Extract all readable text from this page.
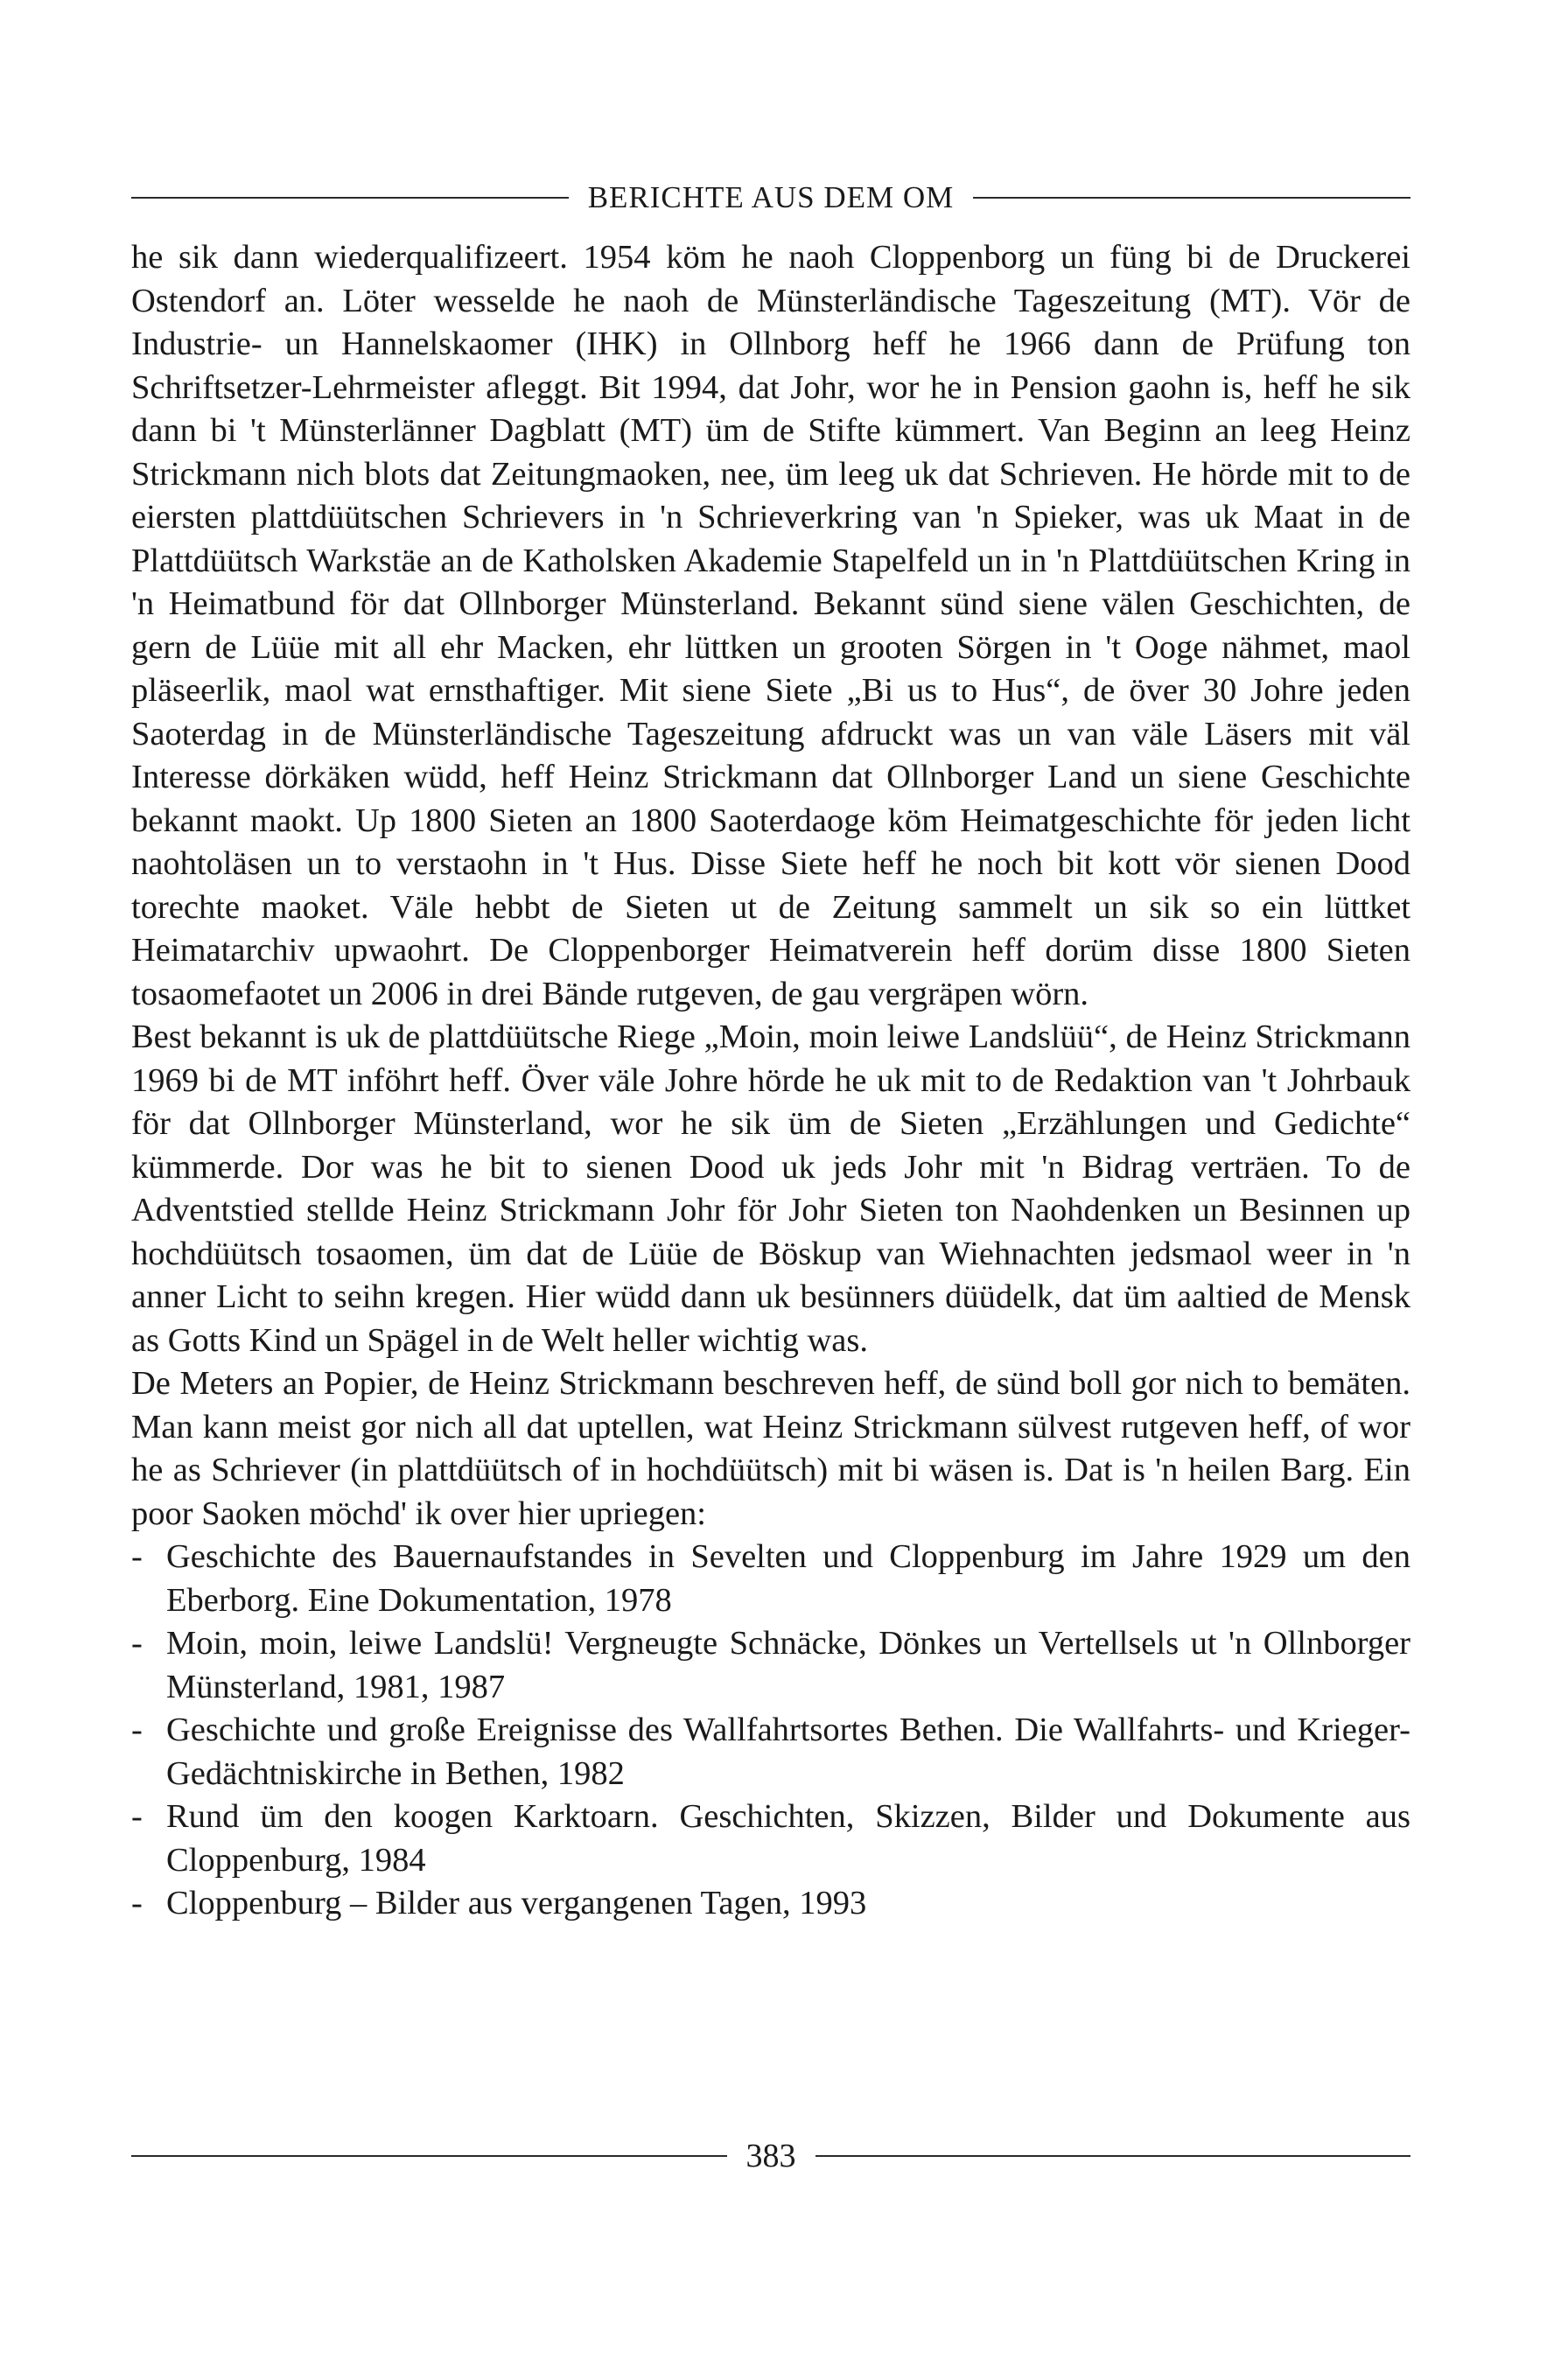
BERICHTE AUS DEM OM

he sik dann wiederqualifizeert. 1954 köm he naoh Cloppenborg un füng bi de Druckerei Ostendorf an. Löter wesselde he naoh de Münsterländische Tageszeitung (MT). Vör de Industrie- un Hannelskaomer (IHK) in Ollnborg heff he 1966 dann de Prüfung ton Schriftsetzer-Lehrmeister afleggt. Bit 1994, dat Johr, wor he in Pension gaohn is, heff he sik dann bi 't Münsterlänner Dagblatt (MT) üm de Stifte kümmert. Van Beginn an leeg Heinz Strickmann nich blots dat Zeitungmaoken, nee, üm leeg uk dat Schrieven. He hörde mit to de eiersten plattdüütschen Schrievers in 'n Schrieverkring van 'n Spieker, was uk Maat in de Plattdüütsch Warkstäe an de Katholsken Akademie Stapelfeld un in 'n Plattdüütschen Kring in 'n Heimatbund för dat Ollnborger Münsterland. Bekannt sünd siene välen Geschichten, de gern de Lüüe mit all ehr Macken, ehr lüttken un grooten Sörgen in 't Ooge nähmet, maol pläseerlik, maol wat ernsthaftiger. Mit siene Siete „Bi us to Hus“, de över 30 Johre jeden Saoterdag in de Münsterländische Tageszeitung afdruckt was un van väle Läsers mit väl Interesse dörkäken wüdd, heff Heinz Strickmann dat Ollnborger Land un siene Geschichte bekannt maokt. Up 1800 Sieten an 1800 Saoterdaoge köm Heimatgeschichte för jeden licht naohtoläsen un to verstaohn in 't Hus. Disse Siete heff he noch bit kott vör sienen Dood torechte maoket. Väle hebbt de Sieten ut de Zeitung sammelt un sik so ein lüttket Heimatarchiv upwaohrt. De Cloppenborger Heimatverein heff dorüm disse 1800 Sieten tosaomefaotet un 2006 in drei Bände rutgeven, de gau vergräpen wörn.

Best bekannt is uk de plattdüütsche Riege „Moin, moin leiwe Landslüü“, de Heinz Strickmann 1969 bi de MT inföhrt heff. Över väle Johre hörde he uk mit to de Redaktion van 't Johrbauk för dat Ollnborger Münsterland, wor he sik üm de Sieten „Erzählungen und Gedichte“ kümmerde. Dor was he bit to sienen Dood uk jeds Johr mit 'n Bidrag verträen. To de Adventstied stellde Heinz Strickmann Johr för Johr Sieten ton Naohdenken un Besinnen up hochdüütsch tosaomen, üm dat de Lüüe de Böskup van Wiehnachten jedsmaol weer in 'n anner Licht to seihn kregen. Hier wüdd dann uk besünners düüdelk, dat üm aaltied de Mensk as Gotts Kind un Spägel in de Welt heller wichtig was.

De Meters an Popier, de Heinz Strickmann beschreven heff, de sünd boll gor nich to bemäten. Man kann meist gor nich all dat uptellen, wat Heinz Strickmann sülvest rutgeven heff, of wor he as Schriever (in plattdüütsch of in hochdüütsch) mit bi wäsen is. Dat is 'n heilen Barg. Ein poor Saoken möchd' ik over hier upriegen:

- Geschichte des Bauernaufstandes in Sevelten und Cloppenburg im Jahre 1929 um den Eberborg. Eine Dokumentation, 1978
- Moin, moin, leiwe Landslü! Vergneugte Schnäcke, Dönkes un Vertellsels ut 'n Ollnborger Münsterland, 1981, 1987
- Geschichte und große Ereignisse des Wallfahrtsortes Bethen. Die Wallfahrts- und Krieger-Gedächtniskirche in Bethen, 1982
- Rund üm den koogen Karktoarn. Geschichten, Skizzen, Bilder und Dokumente aus Cloppenburg, 1984
- Cloppenburg – Bilder aus vergangenen Tagen, 1993
383
